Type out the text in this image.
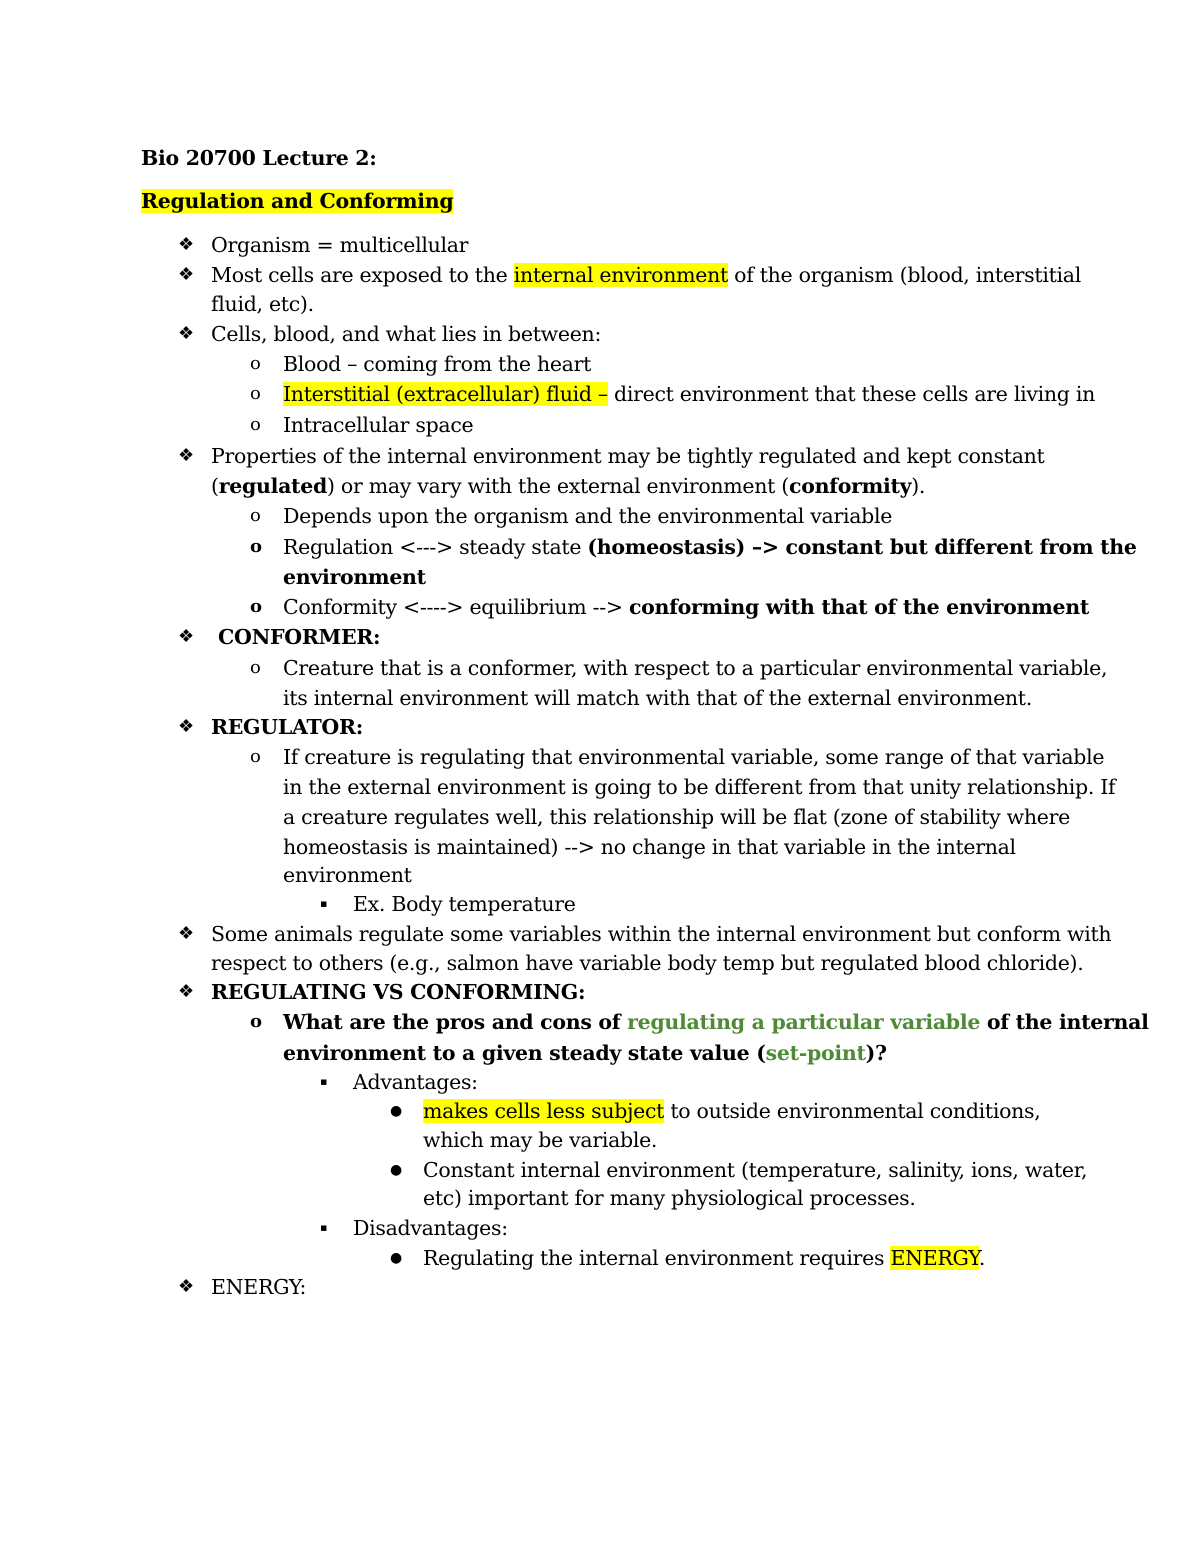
Bio 20700 Lecture 2:
Regulation and Conforming
❖ Organism = multicellular
❖ Most cells are exposed to the internal environment of the organism (blood, interstitial
fluid, etc).
❖ Cells, blood, and what lies in between:
o Blood – coming from the heart
o Interstitial (extracellular) fluid – direct environment that these cells are living in
o Intracellular space
❖ Properties of the internal environment may be tightly regulated and kept constant
(regulated) or may vary with the external environment (conformity).
o Depends upon the organism and the environmental variable
o Regulation <---> steady state (homeostasis) –> constant but different from the
environment
o Conformity <----> equilibrium --> conforming with that of the environment
❖ CONFORMER:
o Creature that is a conformer, with respect to a particular environmental variable,
its internal environment will match with that of the external environment.
❖ REGULATOR:
o If creature is regulating that environmental variable, some range of that variable
in the external environment is going to be different from that unity relationship. If
a creature regulates well, this relationship will be flat (zone of stability where
homeostasis is maintained) --> no change in that variable in the internal
environment
▪ Ex. Body temperature
❖ Some animals regulate some variables within the internal environment but conform with
respect to others (e.g., salmon have variable body temp but regulated blood chloride).
❖ REGULATING VS CONFORMING:
o What are the pros and cons of regulating a particular variable of the internal
environment to a given steady state value (set-point)?
▪ Advantages:
● makes cells less subject to outside environmental conditions,
which may be variable.
● Constant internal environment (temperature, salinity, ions, water,
etc) important for many physiological processes.
▪ Disadvantages:
● Regulating the internal environment requires ENERGY.
❖ ENERGY:
